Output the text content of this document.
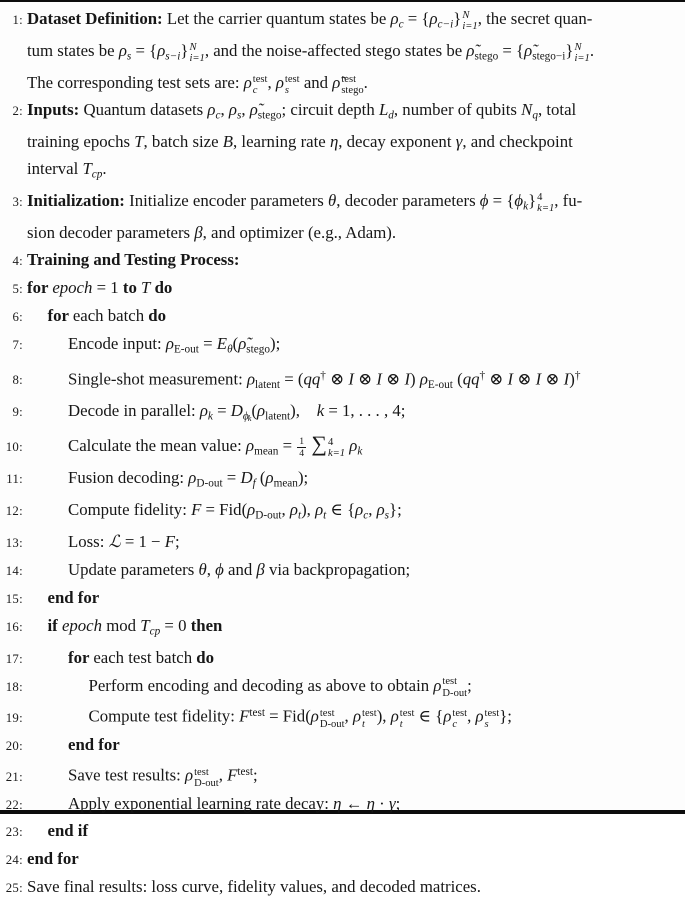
1: Dataset Definition: Let the carrier quantum states be $\rho_c = \{\rho_{c-i}\}$ N
i=1 , the secret quan-
tum states be $\rho_s = \{\rho_{s-i}\}$ N
i=1 , and the noise-affected stego states be $\rhõ_{stego}$ = $\{\rhõ_{stego-i}\}$ N
i=1 .
The corresponding test sets are: ρ test
c , ρ test
s and ρ̃ test
stego .
2: Inputs: Quantum datasets $\rho_c$, $\rho_s$, $\rhõ_{stego}$; circuit depth $L_d$, number of qubits $N_q$, total
training epochs T, batch size B, learning rate η, decay exponent γ, and checkpoint
interval $T_{cp}$.
3: Initialization: Initialize encoder parameters θ, decoder parameters $\phi = \{\phi_k\}$ 4
k=1 , fu-
sion decoder parameters β, and optimizer (e.g., Adam).
4: Training and Testing Process:
5: for epoch = 1 to T do
6: for each batch do
7:	Encode input: $\rho_{E-out}$ = $E_\theta(\rhõ_{stego})$;
8:	Single-shot measurement: $\rho_{latent} = (qq^\dagger$ ⊗ I ⊗ I ⊗ I) $\rho_{E-out}$ (qq† ⊗ I ⊗ I ⊗ I)†
9:	Decode in parallel: $\rho_k = D_{\phi k}(\rho_{latent})$,  k = 1, . . . , 4;
10:	Calculate the mean value: $\rho_{mean} = \frac{1}{4}$ ∑ 4
k=1 $\rho_k$
11:	Fusion decoding: $\rho_{D-out} = D_f$ $(\rho_{mean})$;
12:	Compute fidelity: $F = Fid(\rho_{D-out}$, $\rho_t$), $\rho_t$ ∈ {$\rho_c$, $\rho_s$};
13:	Loss: ℒ = 1 − F;
14:	Update parameters θ, ϕ and β via backpropagation;
15: end for
16: if epoch mod $T_{cp} = 0$ then
17:	for each test batch do
18:	Perform encoding and decoding as above to obtain ρ test
D-out ;
19:	Compute test fidelity: $F^{test} = Fid(\rho$ test
D-out , ρ test
t ), ρ test
t ∈ {ρ test
c , ρ test
s };
20:	end for
21:	Save test results: ρ test
D-out , $F^{test}$;
22:	Apply exponential learning rate decay: η ← η · γ;
23: end if
24: end for
25: Save final results: loss curve, fidelity values, and decoded matrices.
